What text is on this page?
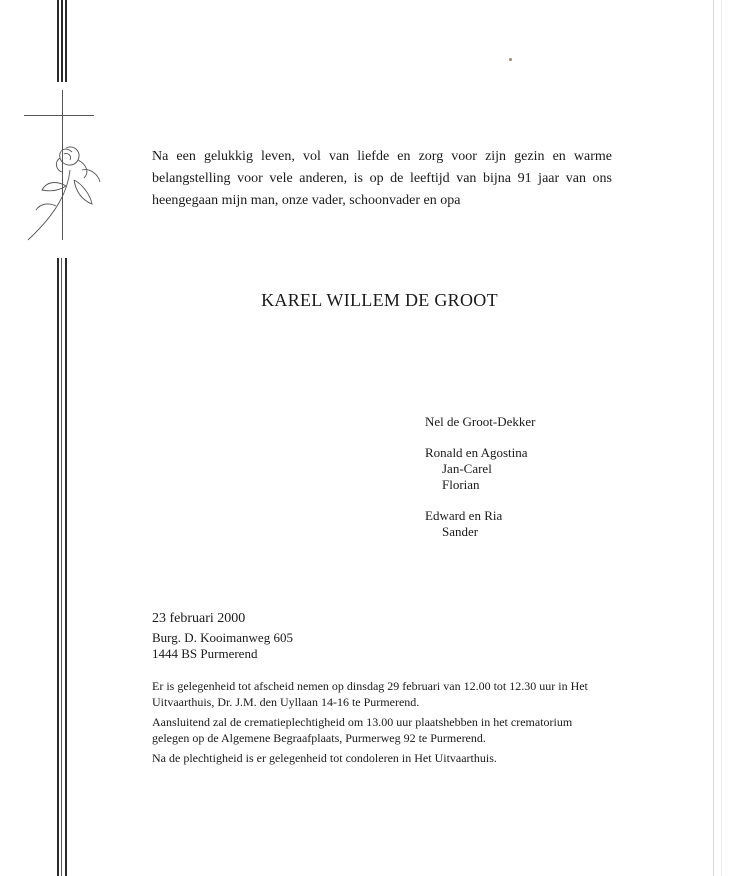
Na een gelukkig leven, vol van liefde en zorg voor zijn gezin en warme belangstelling voor vele anderen, is op de leeftijd van bijna 91 jaar van ons heengegaan mijn man, onze vader, schoonvader en opa

KAREL WILLEM DE GROOT
Nel de Groot-Dekker
Ronald en Agostina
Jan-Carel
Florian
Edward en Ria
Sander
23 februari 2000
Burg. D. Kooimanweg 605
1444 BS Purmerend

Er is gelegenheid tot afscheid nemen op dinsdag 29 februari van 12.00 tot 12.30 uur in Het Uitvaarthuis, Dr. J.M. den Uyllaan 14-16 te Purmerend.

Aansluitend zal de crematieplechtigheid om 13.00 uur plaatshebben in het crematorium gelegen op de Algemene Begraafplaats, Purmerweg 92 te Purmerend.

Na de plechtigheid is er gelegenheid tot condoleren in Het Uitvaarthuis.
